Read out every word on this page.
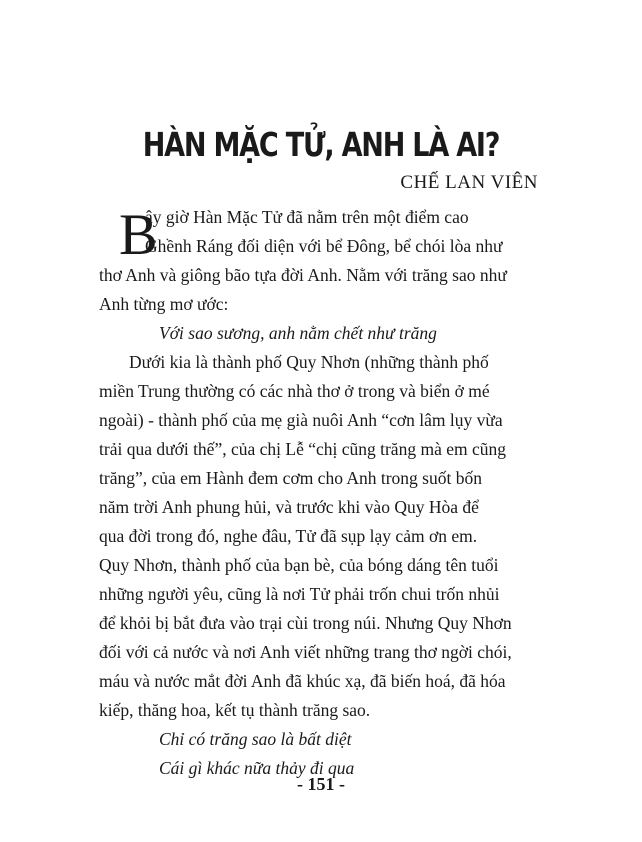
HÀN MẶC TỬ, ANH LÀ AI?
CHẾ LAN VIÊN
B
ây giờ Hàn Mặc Tử đã nằm trên một điểm cao
Ghềnh Ráng đối diện với bể Đông, bể chói lòa như
thơ Anh và giông bão tựa đời Anh. Nằm với trăng sao như
Anh từng mơ ước:
Với sao sương, anh nằm chết như trăng
Dưới kia là thành phố Quy Nhơn (những thành phố
miền Trung thường có các nhà thơ ở trong và biển ở mé
ngoài) - thành phố của mẹ già nuôi Anh “cơn lâm lụy vừa
trải qua dưới thế”, của chị Lễ “chị cũng trăng mà em cũng
trăng”, của em Hành đem cơm cho Anh trong suốt bốn
năm trời Anh phung hủi, và trước khi vào Quy Hòa để
qua đời trong đó, nghe đâu, Tử đã sụp lạy cảm ơn em.
Quy Nhơn, thành phố của bạn bè, của bóng dáng tên tuổi
những người yêu, cũng là nơi Tử phải trốn chui trốn nhủi
để khỏi bị bắt đưa vào trại cùi trong núi. Nhưng Quy Nhơn
đối với cả nước và nơi Anh viết những trang thơ ngời chói,
máu và nước mắt đời Anh đã khúc xạ, đã biến hoá, đã hóa
kiếp, thăng hoa, kết tụ thành trăng sao.
Chỉ có trăng sao là bất diệt
Cái gì khác nữa thảy đi qua
- 151 -
